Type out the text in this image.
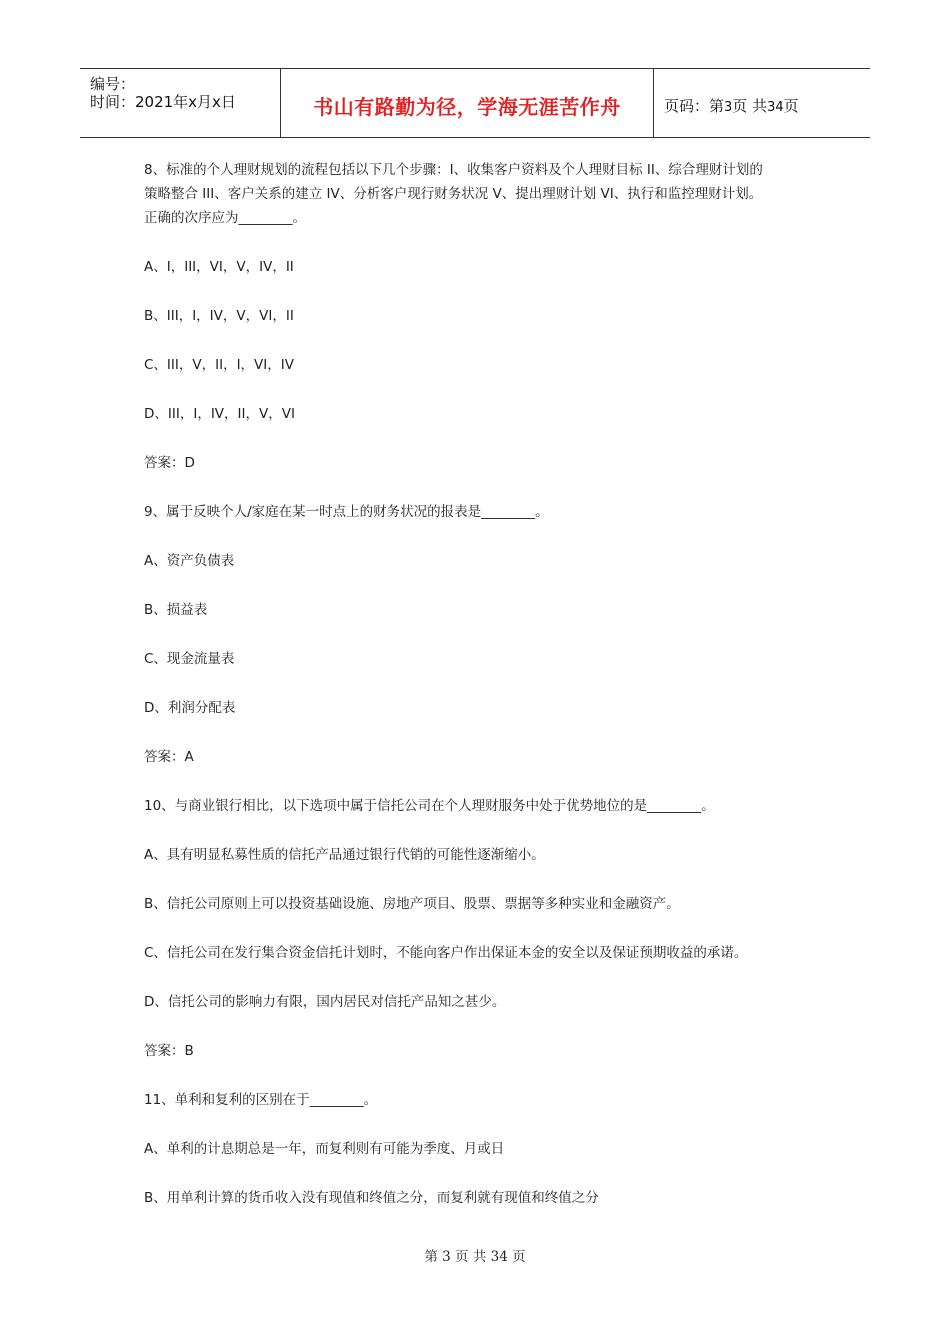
编号：
时间：2021年x月x日	书山有路勤为径，学海无涯苦作舟	页码：第3页 共34页

8、标准的个人理财规划的流程包括以下几个步骤：I、收集客户资料及个人理财目标 II、综合理财计划的

策略整合 III、客户关系的建立 IV、分析客户现行财务状况 V、提出理财计划 VI、执行和监控理财计划。

正确的次序应为________。

A、I，III，VI，V，IV，II

B、III，I，IV，V，VI，II

C、III，V，II，I，VI，IV

D、III，I，IV，II，V，VI

答案：D

9、属于反映个人/家庭在某一时点上的财务状况的报表是________。

A、资产负债表

B、损益表

C、现金流量表

D、利润分配表

答案：A

10、与商业银行相比，以下选项中属于信托公司在个人理财服务中处于优势地位的是________。

A、具有明显私募性质的信托产品通过银行代销的可能性逐渐缩小。

B、信托公司原则上可以投资基础设施、房地产项目、股票、票据等多种实业和金融资产。

C、信托公司在发行集合资金信托计划时，不能向客户作出保证本金的安全以及保证预期收益的承诺。

D、信托公司的影响力有限，国内居民对信托产品知之甚少。

答案：B

11、单利和复利的区别在于________。

A、单利的计息期总是一年，而复利则有可能为季度、月或日

B、用单利计算的货币收入没有现值和终值之分，而复利就有现值和终值之分

第 3 页 共 34 页
